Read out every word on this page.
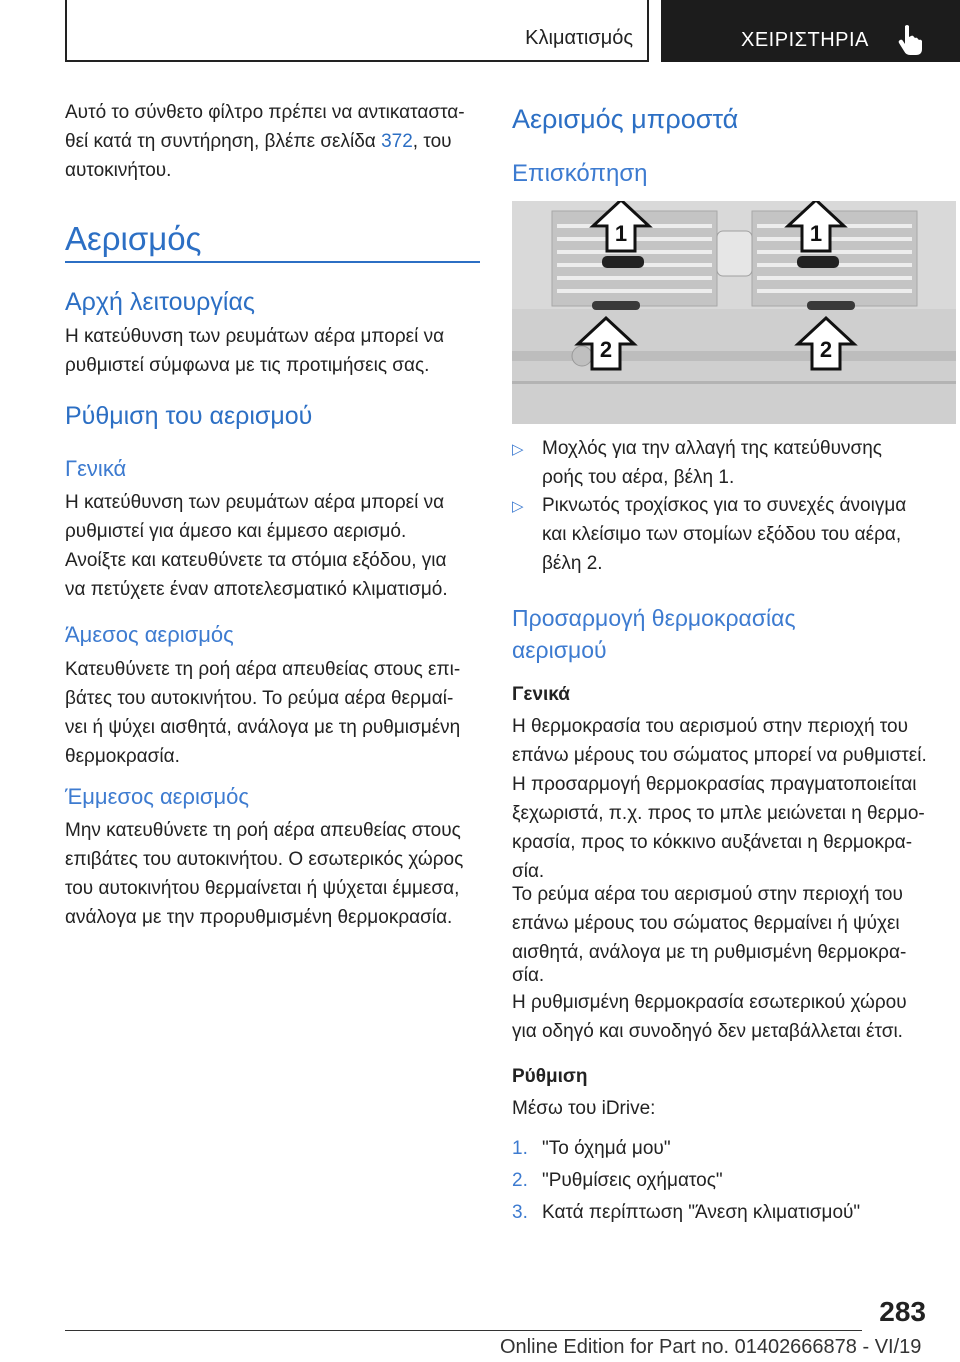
Κλιματισμός	ΧΕΙΡΙΣΤΗΡΙΑ

Αυτό το σύνθετο φίλτρο πρέπει να αντικαταστα-

θεί κατά τη συντήρηση, βλέπε σελίδα 372, του

αυτοκινήτου.

Αερισμός
Αρχή λειτουργίας

Η κατεύθυνση των ρευμάτων αέρα μπορεί να

ρυθμιστεί σύμφωνα με τις προτιμήσεις σας.

Ρύθμιση του αερισμού
Γενικά

Η κατεύθυνση των ρευμάτων αέρα μπορεί να

ρυθμιστεί για άμεσο και έμμεσο αερισμό.

Ανοίξτε και κατευθύνετε τα στόμια εξόδου, για

να πετύχετε έναν αποτελεσματικό κλιματισμό.

Άμεσος αερισμός

Κατευθύνετε τη ροή αέρα απευθείας στους επι-

βάτες του αυτοκινήτου. Το ρεύμα αέρα θερμαί-

νει ή ψύχει αισθητά, ανάλογα με τη ρυθμισμένη

θερμοκρασία.

Έμμεσος αερισμός

Μην κατευθύνετε τη ροή αέρα απευθείας στους

επιβάτες του αυτοκινήτου. Ο εσωτερικός χώρος

του αυτοκινήτου θερμαίνεται ή ψύχεται έμμεσα,

ανάλογα με την προρυθμισμένη θερμοκρασία.

Αερισμός μπροστά
Επισκόπηση
1	1
2	2
▷ Μοχλός για την αλλαγή της κατεύθυνσης
ροής του αέρα, βέλη 1.
▷ Ρικνωτός τροχίσκος για το συνεχές άνοιγμα
και κλείσιμο των στομίων εξόδου του αέρα,
βέλη 2.
Προσαρμογή θερμοκρασίας
αερισμού
Γενικά

Η θερμοκρασία του αερισμού στην περιοχή του

επάνω μέρους του σώματος μπορεί να ρυθμιστεί.

Η προσαρμογή θερμοκρασίας πραγματοποιείται

ξεχωριστά, π.χ. προς το μπλε μειώνεται η θερμο-

κρασία, προς το κόκκινο αυξάνεται η θερμοκρα-

σία.

Το ρεύμα αέρα του αερισμού στην περιοχή του

επάνω μέρους του σώματος θερμαίνει ή ψύχει

αισθητά, ανάλογα με τη ρυθμισμένη θερμοκρα-

σία.

Η ρυθμισμένη θερμοκρασία εσωτερικού χώρου

για οδηγό και συνοδηγό δεν μεταβάλλεται έτσι.

Ρύθμιση

Μέσω του iDrive:

1. "Το όχημά μου"
2. "Ρυθμίσεις οχήματος"
3. Κατά περίπτωση "Άνεση κλιματισμού"
283
Online Edition for Part no. 01402666878 - VI/19
